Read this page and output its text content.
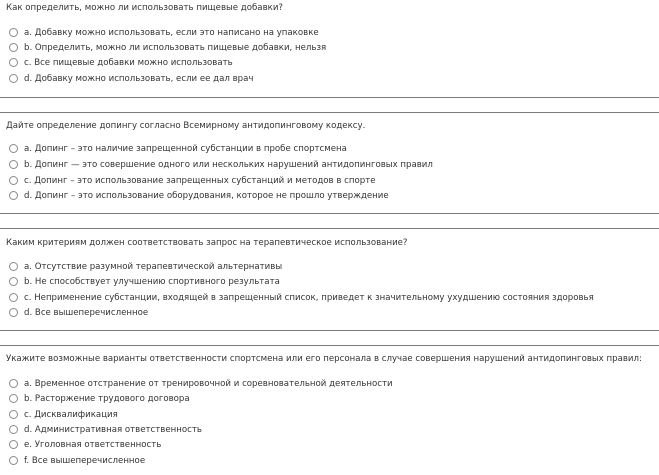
Как определить, можно ли использовать пищевые добавки?
a. Добавку можно использовать, если это написано на упаковке
b. Определить, можно ли использовать пищевые добавки, нельзя
c. Все пищевые добавки можно использовать
d. Добавку можно использовать, если ее дал врач
Дайте определение допингу согласно Всемирному антидопинговому кодексу.
a. Допинг – это наличие запрещенной субстанции в пробе спортсмена
b. Допинг — это совершение одного или нескольких нарушений антидопинговых правил
c. Допинг – это использование запрещенных субстанций и методов в спорте
d. Допинг – это использование оборудования, которое не прошло утверждение
Каким критериям должен соответствовать запрос на терапевтическое использование?
a. Отсутствие разумной терапевтической альтернативы
b. Не способствует улучшению спортивного результата
c. Неприменение субстанции, входящей в запрещенный список, приведет к значительному ухудшению состояния здоровья
d. Все вышеперечисленное
Укажите возможные варианты ответственности спортсмена или его персонала в случае совершения нарушений антидопинговых правил:
a. Временное отстранение от тренировочной и соревновательной деятельности
b. Расторжение трудового договора
c. Дисквалификация
d. Административная ответственность
e. Уголовная ответственность
f. Все вышеперечисленное
